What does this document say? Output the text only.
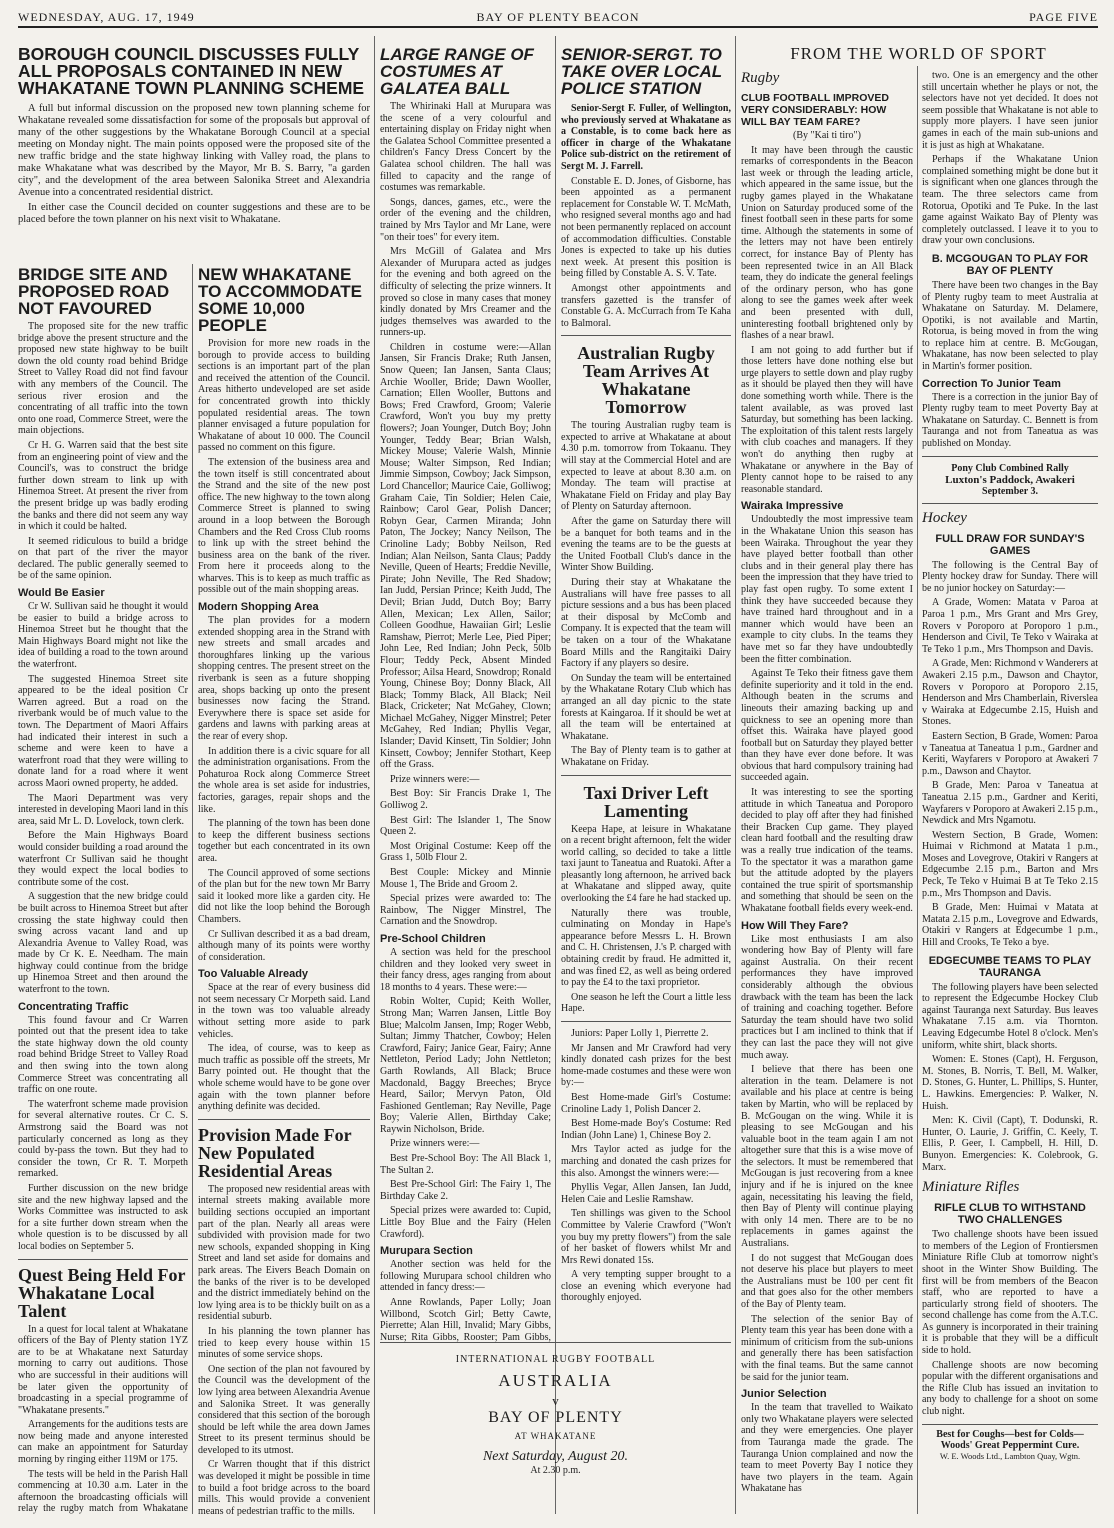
WEDNESDAY, AUG. 17, 1949	BAY OF PLENTY BEACON	PAGE FIVE
BOROUGH COUNCIL DISCUSSES FULLY ALL PROPOSALS CONTAINED IN NEW WHAKATANE TOWN PLANNING SCHEME

A full but informal discussion on the proposed new town planning scheme for Whakatane revealed some dissatisfaction for some of the proposals but approval of many of the other suggestions by the Whakatane Borough Council at a special meeting on Monday night. The main points opposed were the proposed site of the new traffic bridge and the state highway linking with Valley road, the plans to make Whakatane what was described by the Mayor, Mr B. S. Barry, "a garden city", and the development of the area between Salonika Street and Alexandria Avenue into a concentrated residential district.

In either case the Council decided on counter suggestions and these are to be placed before the town planner on his next visit to Whakatane.

BRIDGE SITE AND PROPOSED ROAD NOT FAVOURED

The proposed site for the new traffic bridge above the present structure and the proposed new state highway to be built down the old county road behind Bridge Street to Valley Road did not find favour with any members of the Council. The serious river erosion and the concentrating of all traffic into the town onto one road, Commerce Street, were the main objections.

Cr H. G. Warren said that the best site from an engineering point of view and the Council's, was to construct the bridge further down stream to link up with Hinemoa Street. At present the river from the present bridge up was badly eroding the banks and there did not seem any way in which it could be halted.

It seemed ridiculous to build a bridge on that part of the river the mayor declared. The public generally seemed to be of the same opinion.

Would Be Easier

Cr W. Sullivan said he thought it would be easier to build a bridge across to Hinemoa Street but he thought that the Main Highways Board might not like the idea of building a road to the town around the waterfront.

The suggested Hinemoa Street site appeared to be the ideal position Cr Warren agreed. But a road on the riverbank would be of much value to the town. The Department of Maori Affairs had indicated their interest in such a scheme and were keen to have a waterfront road that they were willing to donate land for a road where it went across Maori owned property, he added.

The Maori Department was very interested in developing Maori land in this area, said Mr L. D. Lovelock, town clerk.

Before the Main Highways Board would consider building a road around the waterfront Cr Sullivan said he thought they would expect the local bodies to contribute some of the cost.

A suggestion that the new bridge could be built across to Hinemoa Street but after crossing the state highway could then swing across vacant land and up Alexandria Avenue to Valley Road, was made by Cr K. E. Needham. The main highway could continue from the bridge up Hinemoa Street and then around the waterfront to the town.

Concentrating Traffic

This found favour and Cr Warren pointed out that the present idea to take the state highway down the old county road behind Bridge Street to Valley Road and then swing into the town along Commerce Street was concentrating all traffic on one route.

The waterfront scheme made provision for several alternative routes. Cr C. S. Armstrong said the Board was not particularly concerned as long as they could by-pass the town. But they had to consider the town, Cr R. T. Morpeth remarked.

Further discussion on the new bridge site and the new highway lapsed and the Works Committee was instructed to ask for a site further down stream when the whole question is to be discussed by all local bodies on September 5.

Quest Being Held For Whakatane Local Talent

In a quest for local talent at Whakatane officers of the Bay of Plenty station 1YZ are to be at Whakatane next Saturday morning to carry out auditions. Those who are successful in their auditions will be later given the opportunity of broadcasting in a special programme of "Whakatane presents."

Arrangements for the auditions tests are now being made and anyone interested can make an appointment for Saturday morning by ringing either 119M or 175.

The tests will be held in the Parish Hall commencing at 10.30 a.m. Later in the afternoon the broadcasting officials will relay the rugby match from Whakatane

NEW WHAKATANE TO ACCOMMODATE SOME 10,000 PEOPLE

Provision for more new roads in the borough to provide access to building sections is an important part of the plan and received the attention of the Council. Areas hitherto undeveloped are set aside for concentrated growth into thickly populated residential areas. The town planner envisaged a future population for Whakatane of about 10 000. The Council passed no comment on this figure.

The extension of the business area and the town itself is still concentrated about the Strand and the site of the new post office. The new highway to the town along Commerce Street is planned to swing around in a loop between the Borough Chambers and the Red Cross Club rooms to link up with the street behind the business area on the bank of the river. From here it proceeds along to the wharves. This is to keep as much traffic as possible out of the main shopping areas.

Modern Shopping Area

The plan provides for a modern extended shopping area in the Strand with new streets and small arcades and thoroughfares linking up the various shopping centres. The present street on the riverbank is seen as a future shopping area, shops backing up onto the present businesses now facing the Strand. Everywhere there is space set aside for gardens and lawns with parking areas at the rear of every shop.

In addition there is a civic square for all the administration organisations. From the Pohaturoa Rock along Commerce Street the whole area is set aside for industries, factories, garages, repair shops and the like.

The planning of the town has been done to keep the different business sections together but each concentrated in its own area.

The Council approved of some sections of the plan but for the new town Mr Barry said it looked more like a garden city. He did not like the loop behind the Borough Chambers.

Cr Sullivan described it as a bad dream, although many of its points were worthy of consideration.

Too Valuable Already

Space at the rear of every business did not seem necessary Cr Morpeth said. Land in the town was too valuable already without setting more aside to park vehicles.

The idea, of course, was to keep as much traffic as possible off the streets, Mr Barry pointed out. He thought that the whole scheme would have to be gone over again with the town planner before anything definite was decided.

Provision Made For New Populated Residential Areas

The proposed new residential areas with internal streets making available more building sections occupied an important part of the plan. Nearly all areas were subdivided with provision made for two new schools, expanded shopping in King Street and land set aside for domains and park areas. The Eivers Beach Domain on the banks of the river is to be developed and the district immediately behind on the low lying area is to be thickly built on as a residential suburb.

In his planning the town planner has tried to keep every house within 15 minutes of some service shops.

One section of the plan not favoured by the Council was the development of the low lying area between Alexandria Avenue and Salonika Street. It was generally considered that this section of the borough should be left while the area down James Street to its present terminus should be developed to its utmost.

Cr Warren thought that if this district was developed it might be possible in time to build a foot bridge across to the board mills. This would provide a convenient means of pedestrian traffic to the mills.

LARGE RANGE OF COSTUMES AT GALATEA BALL

The Whirinaki Hall at Murupara was the scene of a very colourful and entertaining display on Friday night when the Galatea School Committee presented a children's Fancy Dress Concert by the Galatea school children. The hall was filled to capacity and the range of costumes was remarkable.

Songs, dances, games, etc., were the order of the evening and the children, trained by Mrs Taylor and Mr Lane, were "on their toes" for every item.

Mrs McGill of Galatea and Mrs Alexander of Murupara acted as judges for the evening and both agreed on the difficulty of selecting the prize winners. It proved so close in many cases that money kindly donated by Mrs Creamer and the judges themselves was awarded to the runners-up.

Children in costume were:—Allan Jansen, Sir Francis Drake; Ruth Jansen, Snow Queen; Ian Jansen, Santa Claus; Archie Wooller, Bride; Dawn Wooller, Carnation; Ellen Wooller, Buttons and Bows; Fred Crawford, Groom; Valerie Crawford, Won't you buy my pretty flowers?; Joan Younger, Dutch Boy; John Younger, Teddy Bear; Brian Walsh, Mickey Mouse; Valerie Walsh, Minnie Mouse; Walter Simpson, Red Indian; Jimmie Simpson, Cowboy; Jack Simpson, Lord Chancellor; Maurice Caie, Golliwog; Graham Caie, Tin Soldier; Helen Caie, Rainbow; Carol Gear, Polish Dancer; Robyn Gear, Carmen Miranda; John Paton, The Jockey; Nancy Neilson, The Crinoline Lady; Bobby Neilson, Red Indian; Alan Neilson, Santa Claus; Paddy Neville, Queen of Hearts; Freddie Neville, Pirate; John Neville, The Red Shadow; Ian Judd, Persian Prince; Keith Judd, The Devil; Brian Judd, Dutch Boy; Barry Allen, Mexican; Lex Allen, Sailor; Colleen Goodhue, Hawaiian Girl; Leslie Ramshaw, Pierrot; Merle Lee, Pied Piper; John Lee, Red Indian; John Peck, 50lb Flour; Teddy Peck, Absent Minded Professor; Ailsa Heard, Snowdrop; Ronald Young, Chinese Boy; Donny Black, All Black; Tommy Black, All Black; Neil Black, Cricketer; Nat McGahey, Clown; Michael McGahey, Nigger Minstrel; Peter McGahey, Red Indian; Phyllis Vegar, Islander; David Kinsett, Tin Soldier; John Kinsett, Cowboy; Jennifer Stothart, Keep off the Grass.

Prize winners were:—

Best Boy: Sir Francis Drake 1, The Golliwog 2.

Best Girl: The Islander 1, The Snow Queen 2.

Most Original Costume: Keep off the Grass 1, 50lb Flour 2.

Best Couple: Mickey and Minnie Mouse 1, The Bride and Groom 2.

Special prizes were awarded to: The Rainbow, The Nigger Minstrel, The Carnation and the Snowdrop.

Pre-School Children

A section was held for the preschool children and they looked very sweet in their fancy dress, ages ranging from about 18 months to 4 years. These were:—

Robin Wolter, Cupid; Keith Woller, Strong Man; Warren Jansen, Little Boy Blue; Malcolm Jansen, Imp; Roger Webb, Sultan; Jimmy Thatcher, Cowboy; Helen Crawford, Fairy; Janice Gear, Fairy; Anne Nettleton, Period Lady; John Nettleton; Garth Rowlands, All Black; Bruce Macdonald, Baggy Breeches; Bryce Heard, Sailor; Mervyn Paton, Old Fashioned Gentleman; Ray Neville, Page Boy; Valerie Allen, Birthday Cake; Raywin Nicholson, Bride.

Prize winners were:—

Best Pre-School Boy: The All Black 1, The Sultan 2.

Best Pre-School Girl: The Fairy 1, The Birthday Cake 2.

Special prizes were awarded to: Cupid, Little Boy Blue and the Fairy (Helen Crawford).

Murupara Section

Another section was held for the following Murupara school children who attended in fancy dress:—

Anne Rowlands, Paper Lolly; Joan Willbond, Scotch Girl; Betty Cawte, Pierrette; Alan Hill, Invalid; Mary Gibbs, Nurse; Rita Gibbs, Rooster; Pam Gibbs,

SENIOR-SERGT. TO TAKE OVER LOCAL POLICE STATION

Senior-Sergt F. Fuller, of Wellington, who previously served at Whakatane as a Constable, is to come back here as officer in charge of the Whakatane Police sub-district on the retirement of Sergt M. J. Farrell.

Constable E. D. Jones, of Gisborne, has been appointed as a permanent replacement for Constable W. T. McMath, who resigned several months ago and had not been permanently replaced on account of accommodation difficulties. Constable Jones is expected to take up his duties next week. At present this position is being filled by Constable A. S. V. Tate.

Amongst other appointments and transfers gazetted is the transfer of Constable G. A. McCurrach from Te Kaha to Balmoral.

Australian Rugby Team Arrives At Whakatane Tomorrow

The touring Australian rugby team is expected to arrive at Whakatane at about 4.30 p.m. tomorrow from Tokaanu. They will stay at the Commercial Hotel and are expected to leave at about 8.30 a.m. on Monday. The team will practise at Whakatane Field on Friday and play Bay of Plenty on Saturday afternoon.

After the game on Saturday there will be a banquet for both teams and in the evening the teams are to be the guests at the United Football Club's dance in the Winter Show Building.

During their stay at Whakatane the Australians will have free passes to all picture sessions and a bus has been placed at their disposal by McComb and Company. It is expected that the team will be taken on a tour of the Whakatane Board Mills and the Rangitaiki Dairy Factory if any players so desire.

On Sunday the team will be entertained by the Whakatane Rotary Club which has arranged an all day picnic to the state forests at Kaingaroa. If it should be wet at all the team will be entertained at Whakatane.

The Bay of Plenty team is to gather at Whakatane on Friday.

Taxi Driver Left Lamenting

Keepa Hape, at leisure in Whakatane on a recent bright afternoon, felt the wider world calling, so decided to take a little taxi jaunt to Taneatua and Ruatoki. After a pleasantly long afternoon, he arrived back at Whakatane and slipped away, quite overlooking the £4 fare he had stacked up.

Naturally there was trouble, culminating on Monday in Hape's appearance before Messrs L. H. Brown and C. H. Christensen, J.'s P. charged with obtaining credit by fraud. He admitted it, and was fined £2, as well as being ordered to pay the £4 to the taxi proprietor.

One season he left the Court a little less Hape.

Juniors: Paper Lolly 1, Pierrette 2.

Mr Jansen and Mr Crawford had very kindly donated cash prizes for the best home-made costumes and these were won by:—

Best Home-made Girl's Costume: Crinoline Lady 1, Polish Dancer 2.

Best Home-made Boy's Costume: Red Indian (John Lane) 1, Chinese Boy 2.

Mrs Taylor acted as judge for the marching and donated the cash prizes for this also. Amongst the winners were:—

Phyllis Vegar, Allen Jansen, Ian Judd, Helen Caie and Leslie Ramshaw.

Ten shillings was given to the School Committee by Valerie Crawford ("Won't you buy my pretty flowers") from the sale of her basket of flowers whilst Mr and Mrs Rewi donated 15s.

A very tempting supper brought to a close an evening which everyone had thoroughly enjoyed.

INTERNATIONAL RUGBY FOOTBALL
AUSTRALIA
v
BAY OF PLENTY
AT WHAKATANE
Next Saturday, August 20.
At 2.30 p.m.
FROM THE WORLD OF SPORT
Rugby
CLUB FOOTBALL IMPROVED VERY CONSIDERABLY: HOW WILL BAY TEAM FARE?

(By "Kai ti tiro")

It may have been through the caustic remarks of correspondents in the Beacon last week or through the leading article, which appeared in the same issue, but the rugby games played in the Whakatane Union on Saturday produced some of the finest football seen in these parts for some time. Although the statements in some of the letters may not have been entirely correct, for instance Bay of Plenty has been represented twice in an All Black team, they do indicate the general feelings of the ordinary person, who has gone along to see the games week after week and been presented with dull, uninteresting football brightened only by flashes of a near brawl.

I am not going to add further but if those letters have done nothing else but urge players to settle down and play rugby as it should be played then they will have done something worth while. There is the talent available, as was proved last Saturday, but something has been lacking. The exploitation of this talent rests largely with club coaches and managers. If they won't do anything then rugby at Whakatane or anywhere in the Bay of Plenty cannot hope to be raised to any reasonable standard.

Wairaka Impressive

Undoubtedly the most impressive team in the Whakatane Union this season has been Wairaka. Throughout the year they have played better football than other clubs and in their general play there has been the impression that they have tried to play fast open rugby. To some extent I think they have succeeded because they have trained hard throughout and in a manner which would have been an example to city clubs. In the teams they have met so far they have undoubtedly been the fitter combination.

Against Te Teko their fitness gave them definite superiority and it told in the end. Although beaten in the scrums and lineouts their amazing backing up and quickness to see an opening more than offset this. Wairaka have played good football but on Saturday they played better than they have ever done before. It was obvious that hard compulsory training had succeeded again.

It was interesting to see the sporting attitude in which Taneatua and Poroporo decided to play off after they had finished their Bracken Cup game. They played clean hard football and the resulting draw was a really true indication of the teams. To the spectator it was a marathon game but the attitude adopted by the players contained the true spirit of sportsmanship and something that should be seen on the Whakatane football fields every week-end.

How Will They Fare?

Like most enthusiasts I am also wondering how Bay of Plenty will fare against Australia. On their recent performances they have improved considerably although the obvious drawback with the team has been the lack of training and coaching together. Before Saturday the team should have two solid practices but I am inclined to think that if they can last the pace they will not give much away.

I believe that there has been one alteration in the team. Delamere is not available and his place at centre is being taken by Martin, who will be replaced by B. McGougan on the wing. While it is pleasing to see McGougan and his valuable boot in the team again I am not altogether sure that this is a wise move of the selectors. It must be remembered that McGougan is just recovering from a knee injury and if he is injured on the knee again, necessitating his leaving the field, then Bay of Plenty will continue playing with only 14 men. There are to be no replacements in games against the Australians.

I do not suggest that McGougan does not deserve his place but players to meet the Australians must be 100 per cent fit and that goes also for the other members of the Bay of Plenty team.

The selection of the senior Bay of Plenty team this year has been done with a minimum of criticism from the sub-unions and generally there has been satisfaction with the final teams. But the same cannot be said for the junior team.

Junior Selection

In the team that travelled to Waikato only two Whakatane players were selected and they were emergencies. One player from Tauranga made the grade. The Tauranga Union complained and now the team to meet Poverty Bay I notice they have two players in the team. Again Whakatane has

two. One is an emergency and the other still uncertain whether he plays or not, the selectors have not yet decided. It does not seem possible that Whakatane is not able to supply more players. I have seen junior games in each of the main sub-unions and it is just as high at Whakatane.

Perhaps if the Whakatane Union complained something might be done but it is significant when one glances through the team. The three selectors came from Rotorua, Opotiki and Te Puke. In the last game against Waikato Bay of Plenty was completely outclassed. I leave it to you to draw your own conclusions.

B. MCGOUGAN TO PLAY FOR BAY OF PLENTY

There have been two changes in the Bay of Plenty rugby team to meet Australia at Whakatane on Saturday. M. Delamere, Opotiki, is not available and Martin, Rotorua, is being moved in from the wing to replace him at centre. B. McGougan, Whakatane, has now been selected to play in Martin's former position.

Correction To Junior Team

There is a correction in the junior Bay of Plenty rugby team to meet Poverty Bay at Whakatane on Saturday. C. Bennett is from Tauranga and not from Taneatua as was published on Monday.

Pony Club Combined Rally
Luxton's Paddock, Awakeri
September 3.
Hockey
FULL DRAW FOR SUNDAY'S GAMES

The following is the Central Bay of Plenty hockey draw for Sunday. There will be no junior hockey on Saturday:—

A Grade, Women: Matata v Paroa at Paroa 1 p.m., Mrs Grant and Mrs Grey, Rovers v Poroporo at Poroporo 1 p.m., Henderson and Civil, Te Teko v Wairaka at Te Teko 1 p.m., Mrs Thompson and Davis.

A Grade, Men: Richmond v Wanderers at Awakeri 2.15 p.m., Dawson and Chaytor, Rovers v Poroporo at Poroporo 2.15, Henderson and Mrs Chamberlain, Riverslea v Wairaka at Edgecumbe 2.15, Huish and Stones.

Eastern Section, B Grade, Women: Paroa v Taneatua at Taneatua 1 p.m., Gardner and Keriti, Wayfarers v Poroporo at Awakeri 7 p.m., Dawson and Chaytor.

B Grade, Men: Paroa v Taneatua at Taneatua 2.15 p.m., Gardner and Keriti, Wayfarers v Poroporo at Awakeri 2.15 p.m., Newdick and Mrs Ngamotu.

Western Section, B Grade, Women: Huimai v Richmond at Matata 1 p.m., Moses and Lovegrove, Otakiri v Rangers at Edgecumbe 2.15 p.m., Barton and Mrs Peck, Te Teko v Huimai B at Te Teko 2.15 p.m., Mrs Thompson and Davis.

B Grade, Men: Huimai v Matata at Matata 2.15 p.m., Lovegrove and Edwards, Otakiri v Rangers at Edgecumbe 1 p.m., Hill and Crooks, Te Teko a bye.

EDGECUMBE TEAMS TO PLAY TAURANGA

The following players have been selected to represent the Edgecumbe Hockey Club against Tauranga next Saturday. Bus leaves Whakatane 7.15 a.m. via Thornton. Leaving Edgecumbe Hotel 8 o'clock. Men's uniform, white shirt, black shorts.

Women: E. Stones (Capt), H. Ferguson, M. Stones, B. Norris, T. Bell, M. Walker, D. Stones, G. Hunter, L. Phillips, S. Hunter, L. Hawkins. Emergencies: P. Walker, N. Huish.

Men: K. Civil (Capt), T. Dodunski, R. Hunter, O. Laurie, J. Griffin, C. Keely, T. Ellis, P. Geer, I. Campbell, H. Hill, D. Bunyon. Emergencies: K. Colebrook, G. Marx.

Miniature Rifles
RIFLE CLUB TO WITHSTAND TWO CHALLENGES

Two challenge shoots have been issued to members of the Legion of Frontiersmen Miniature Rifle Club at tomorrow night's shoot in the Winter Show Building. The first will be from members of the Beacon staff, who are reported to have a particularly strong field of shooters. The second challenge has come from the A.T.C. As gunnery is incorporated in their training it is probable that they will be a difficult side to hold.

Challenge shoots are now becoming popular with the different organisations and the Rifle Club has issued an invitation to any body to challenge for a shoot on some club night.

Best for Coughs—best for Colds—
Woods' Great Peppermint Cure.
W. E. Woods Ltd., Lambton Quay, Wgtn.
